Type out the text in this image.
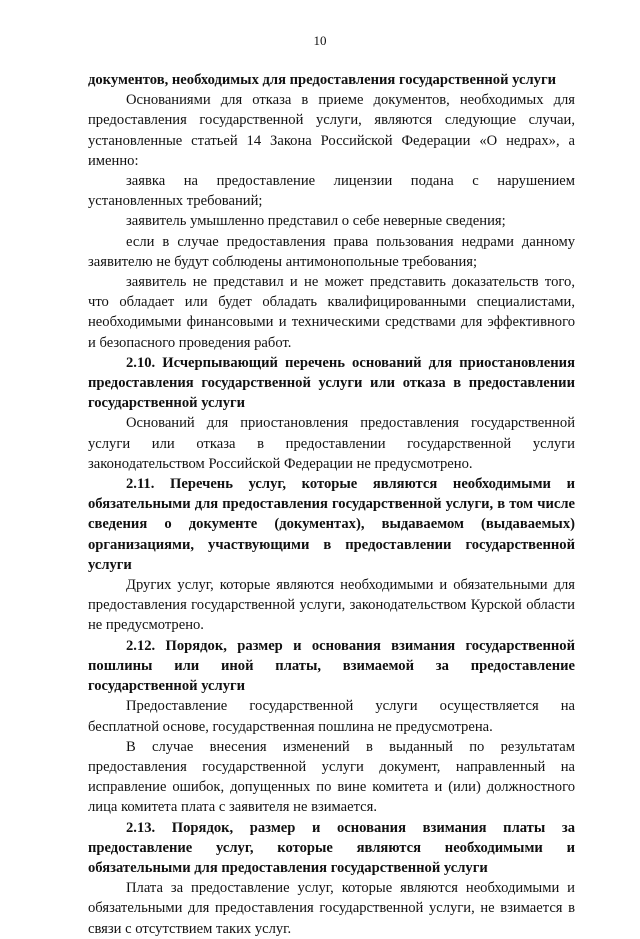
10

документов, необходимых для предоставления государственной услуги

Основаниями для отказа в приеме документов, необходимых для предоставления государственной услуги, являются следующие случаи, установленные статьей 14 Закона Российской Федерации «О недрах», а именно:

заявка на предоставление лицензии подана с нарушением установленных требований;

заявитель умышленно представил о себе неверные сведения;

если в случае предоставления права пользования недрами данному заявителю не будут соблюдены антимонопольные требования;

заявитель не представил и не может представить доказательств того, что обладает или будет обладать квалифицированными специалистами, необходимыми финансовыми и техническими средствами для эффективного и безопасного проведения работ.

2.10. Исчерпывающий перечень оснований для приостановления предоставления государственной услуги или отказа в предоставлении государственной услуги

Оснований для приостановления предоставления государственной услуги или отказа в предоставлении государственной услуги законодательством Российской Федерации не предусмотрено.

2.11. Перечень услуг, которые являются необходимыми и обязательными для предоставления государственной услуги, в том числе сведения о документе (документах), выдаваемом (выдаваемых) организациями, участвующими в предоставлении государственной услуги

Других услуг, которые являются необходимыми и обязательными для предоставления государственной услуги, законодательством Курской области не предусмотрено.

2.12. Порядок, размер и основания взимания государственной пошлины или иной платы, взимаемой за предоставление государственной услуги

Предоставление государственной услуги осуществляется на бесплатной основе, государственная пошлина не предусмотрена.

В случае внесения изменений в выданный по результатам предоставления государственной услуги документ, направленный на исправление ошибок, допущенных по вине комитета и (или) должностного лица комитета плата с заявителя не взимается.

2.13. Порядок, размер и основания взимания платы за предоставление услуг, которые являются необходимыми и обязательными для предоставления государственной услуги

Плата за предоставление услуг, которые являются необходимыми и обязательными для предоставления государственной услуги, не взимается в связи с отсутствием таких услуг.
